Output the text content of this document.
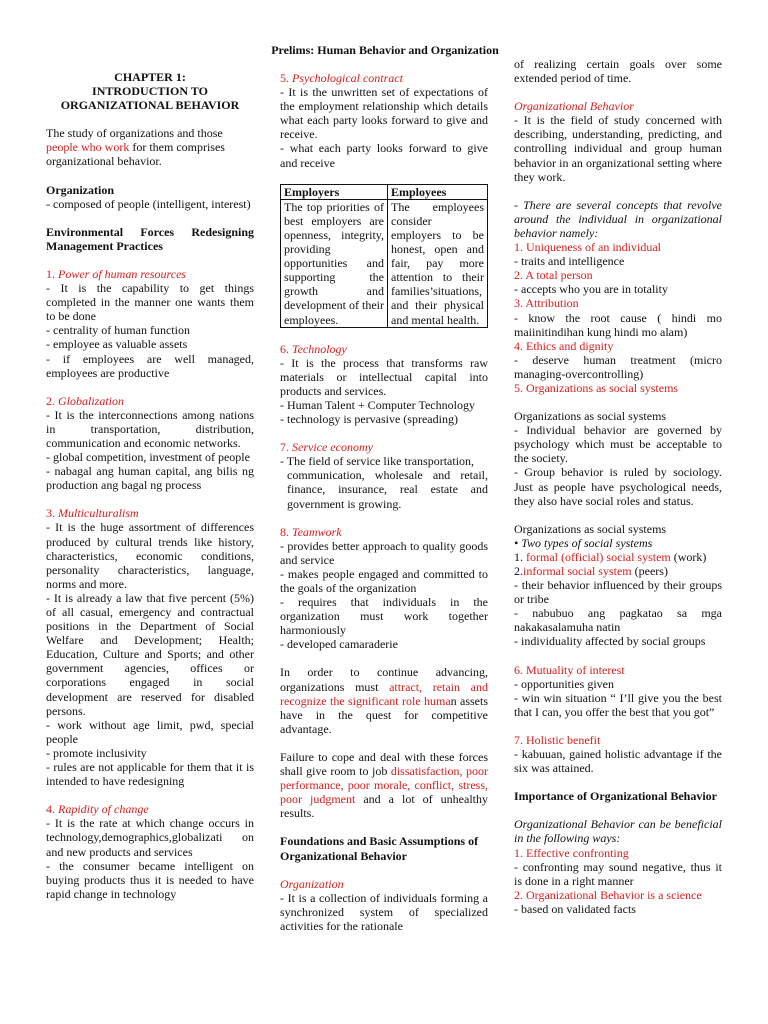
Prelims: Human Behavior and Organization

CHAPTER 1:

INTRODUCTION TO

ORGANIZATIONAL BEHAVIOR

The study of organizations and those people who work for them comprises organizational behavior.

Organization

- composed of people (intelligent, interest)

Environmental Forces Redesigning Management Practices

1. Power of human resources

- It is the capability to get things completed in the manner one wants them to be done

- centrality of human function

- employee as valuable assets

- if employees are well managed, employees are productive

2. Globalization

- It is the interconnections among nations in transportation, distribution, communication and economic networks.

- global competition, investment of people

- nabagal ang human capital, ang bilis ng production ang bagal ng process

3. Multiculturalism

- It is the huge assortment of differences produced by cultural trends like history, characteristics, economic conditions, personality characteristics, language, norms and more.

- It is already a law that five percent (5%) of all casual, emergency and contractual positions in the Department of Social Welfare and Development; Health; Education, Culture and Sports; and other government agencies, offices or corporations engaged in social development are reserved for disabled persons.

- work without age limit, pwd, special people

- promote inclusivity

- rules are not applicable for them that it is intended to have redesigning

4. Rapidity of change

- It is the rate at which change occurs in technology,demographics,globalizati on and new products and services

- the consumer became intelligent on buying products thus it is needed to have rapid change in technology

5. Psychological contract

- It is the unwritten set of expectations of the employment relationship which details what each party looks forward to give and receive.

- what each party looks forward to give and receive

Employers	Employees
The top priorities of best employers are openness, integrity, providing opportunities and supporting the growth and development of their employees.	The employees consider employers to be honest, open and fair, pay more attention to their families’situations, and their physical and mental health.

6. Technology

- It is the process that transforms raw materials or intellectual capital into products and services.

- Human Talent + Computer Technology

- technology is pervasive (spreading)

7. Service economy

- The field of service like transportation,

communication, wholesale and retail, finance, insurance, real estate and government is growing.

8. Teamwork

- provides better approach to quality goods and service

- makes people engaged and committed to the goals of the organization

- requires that individuals in the organization must work together harmoniously

- developed camaraderie

In order to continue advancing, organizations must attract, retain and recognize the significant role human assets have in the quest for competitive advantage.

Failure to cope and deal with these forces shall give room to job dissatisfaction, poor performance, poor morale, conflict, stress, poor judgment and a lot of unhealthy results.

Foundations and Basic Assumptions of Organizational Behavior

Organization

- It is a collection of individuals forming a synchronized system of specialized activities for the rationale

of realizing certain goals over some extended period of time.

Organizational Behavior

- It is the field of study concerned with describing, understanding, predicting, and controlling individual and group human behavior in an organizational setting where they work.

- There are several concepts that revolve around the individual in organizational behavior namely:

1. Uniqueness of an individual

- traits and intelligence

2. A total person

- accepts who you are in totality

3. Attribution

- know the root cause ( hindi mo maiinitindihan kung hindi mo alam)

4. Ethics and dignity

- deserve human treatment (micro managing-overcontrolling)

5. Organizations as social systems

Organizations as social systems

- Individual behavior are governed by psychology which must be acceptable to the society.

- Group behavior is ruled by sociology. Just as people have psychological needs, they also have social roles and status.

Organizations as social systems

• Two types of social systems

1. formal (official) social system (work)

2.informal social system (peers)

- their behavior influenced by their groups or tribe

- nabubuo ang pagkatao sa mga nakakasalamuha natin

- individuality affected by social groups

6. Mutuality of interest

- opportunities given

- win win situation “ I’ll give you the best that I can, you offer the best that you got”

7. Holistic benefit

- kabuuan, gained holistic advantage if the six was attained.

Importance of Organizational Behavior

Organizational Behavior can be beneficial in the following ways:

1. Effective confronting

- confronting may sound negative, thus it is done in a right manner

2. Organizational Behavior is a science

- based on validated facts
